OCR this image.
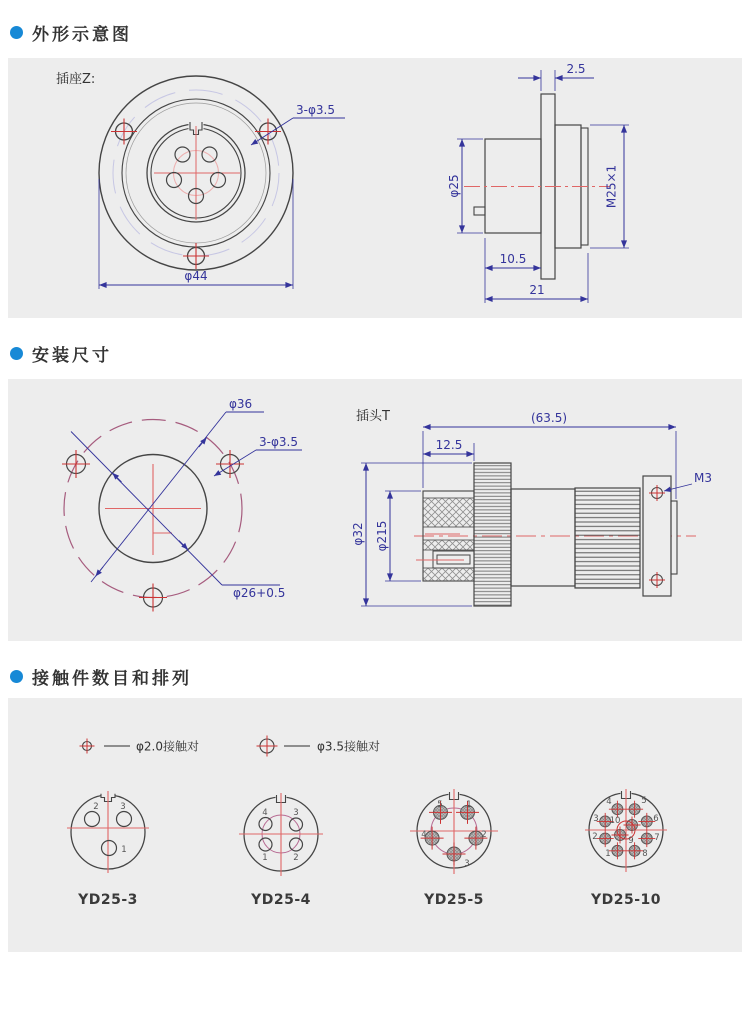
外形示意图
插座Z:
3-φ3.5
φ44
2.5
φ25	M25×1
10.5
21
安装尺寸
φ36
3-φ3.5
φ26+0.5
插头T	(63.5)
12.5
φ32 φ215
M3
接触件数目和排列
φ2.0接触对	φ3.5接触对
2	3
1
YD25-3
4	3
1	2
YD25-4
5	1
4	2
3
YD25-5
4	5
3	6
2	7
1	8
10
9
YD25-10
